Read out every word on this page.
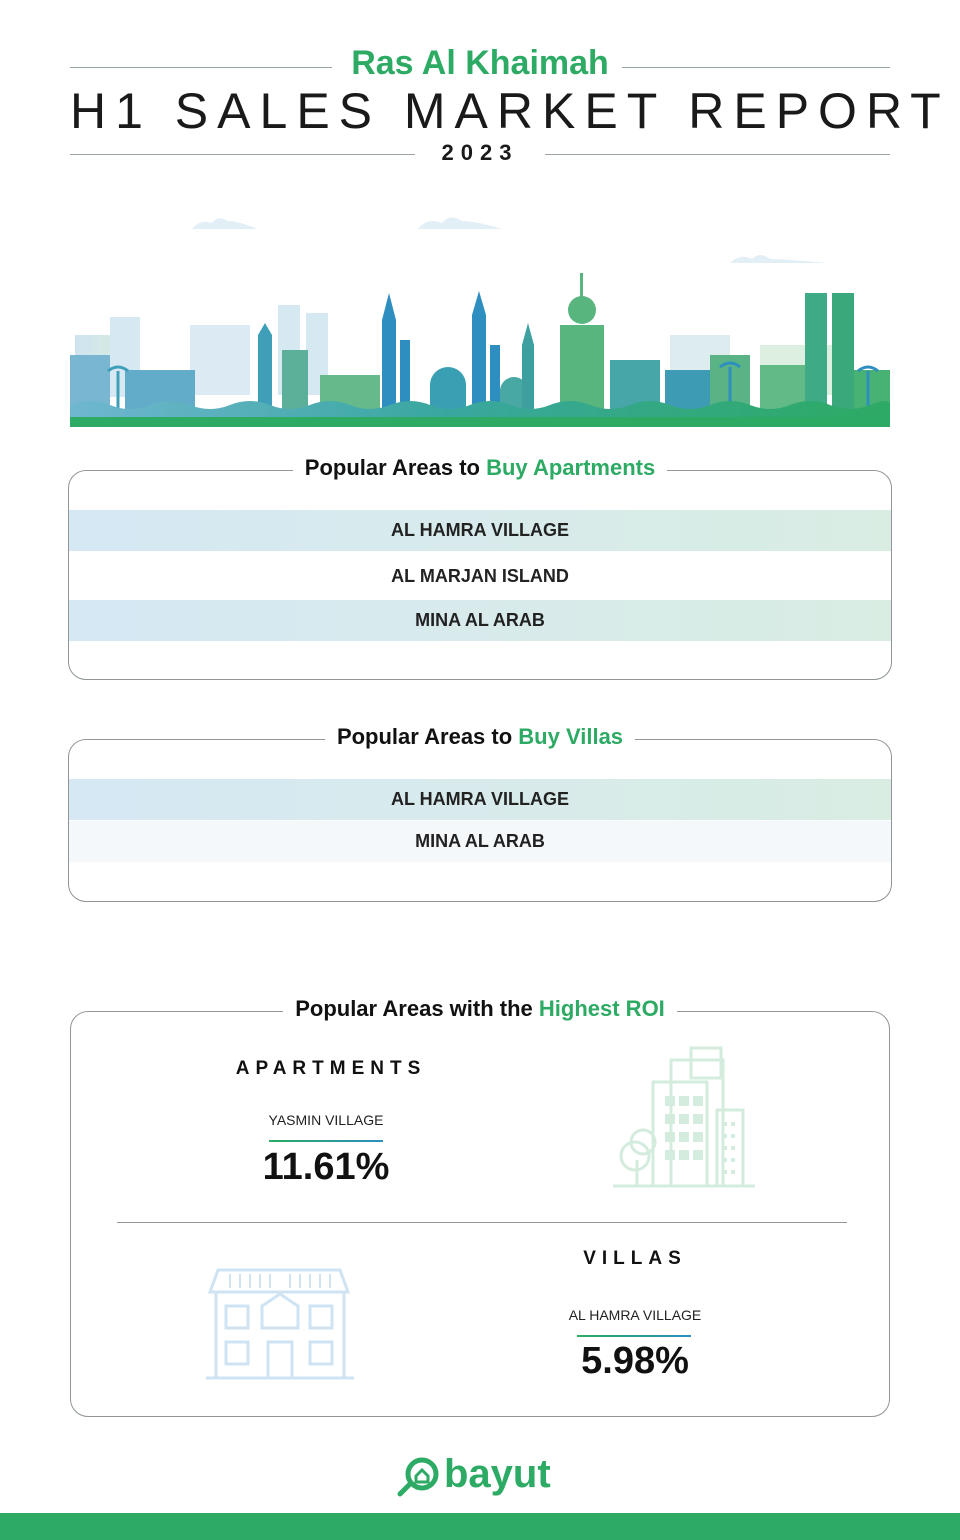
Ras Al Khaimah
H1 SALES MARKET REPORT
2023
Popular Areas to Buy Apartments
AL HAMRA VILLAGE
AL MARJAN ISLAND
MINA AL ARAB
Popular Areas to Buy Villas
AL HAMRA VILLAGE
MINA AL ARAB
Popular Areas with the Highest ROI
APARTMENTS
YASMIN VILLAGE
11.61%
VILLAS
AL HAMRA VILLAGE
5.98%
bayut
